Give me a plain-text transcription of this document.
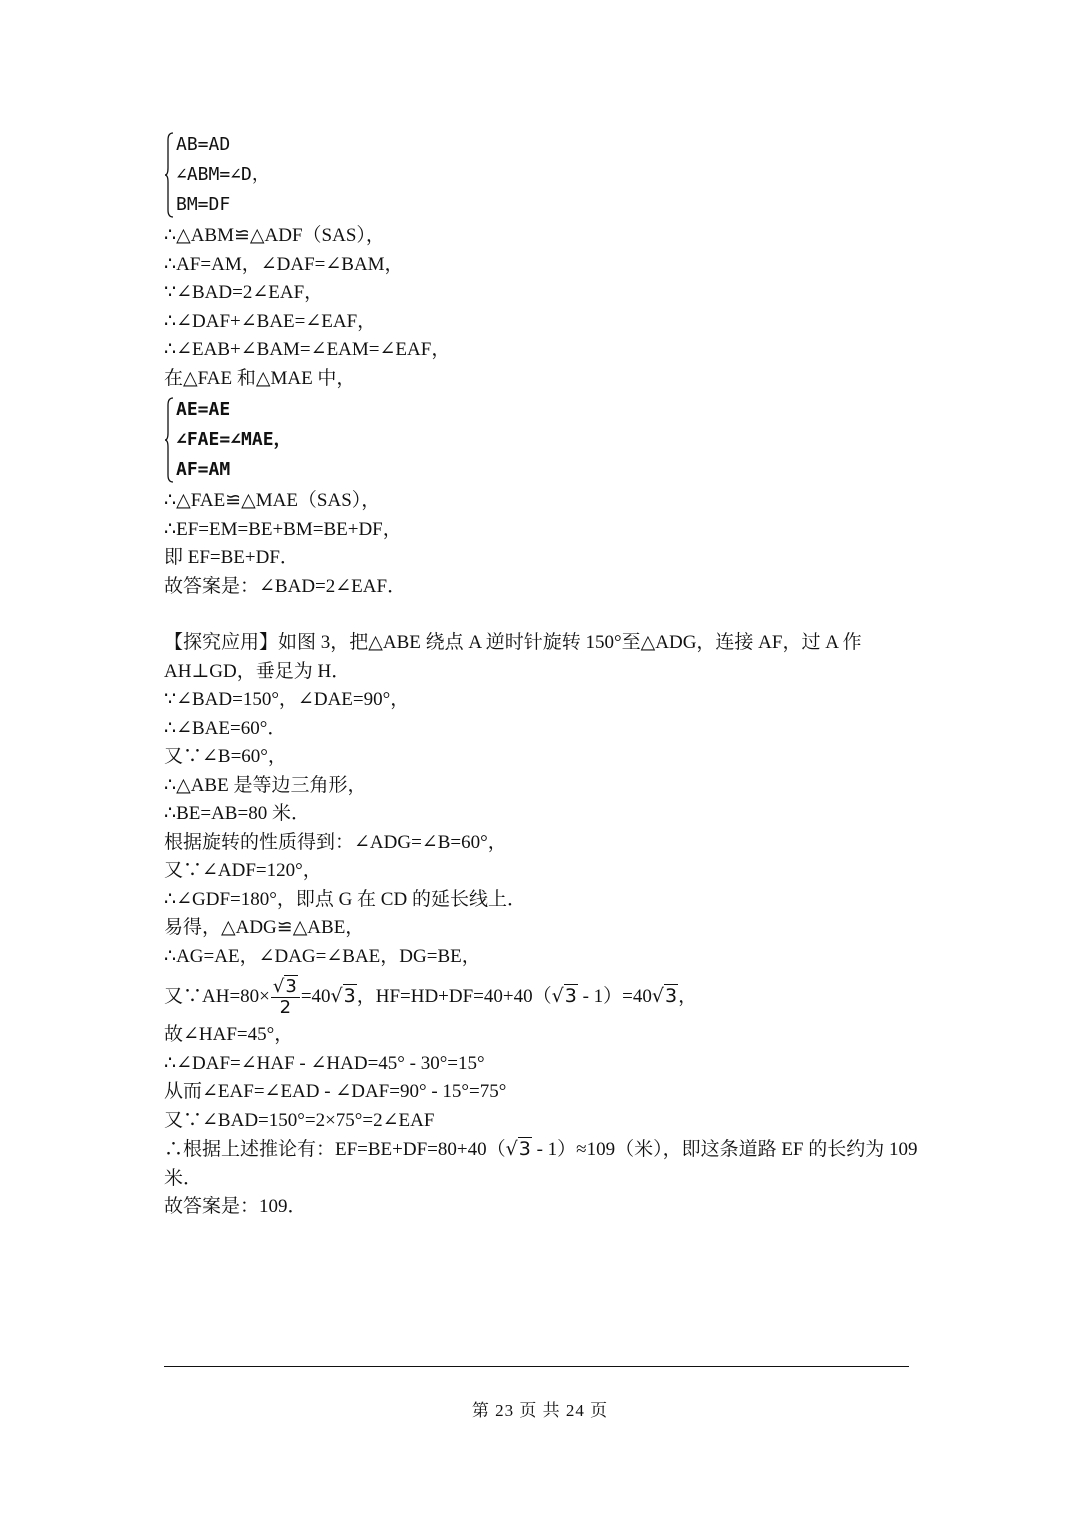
AB=AD
∠ABM=∠D，
BM=DF
∴△ABM≌△ADF（SAS），
∴AF=AM，∠DAF=∠BAM，
∵∠BAD=2∠EAF，
∴∠DAF+∠BAE=∠EAF，
∴∠EAB+∠BAM=∠EAM=∠EAF，
在△FAE 和△MAE 中，
AE=AE
∠FAE=∠MAE，
AF=AM
∴△FAE≌△MAE（SAS），
∴EF=EM=BE+BM=BE+DF，
即 EF=BE+DF．
故答案是：∠BAD=2∠EAF．
【探究应用】如图 3，把△ABE 绕点 A 逆时针旋转 150°至△ADG，连接 AF，过 A 作 AH⊥GD，垂足为 H．
∵∠BAD=150°，∠DAE=90°，
∴∠BAE=60°．
又∵∠B=60°，
∴△ABE 是等边三角形，
∴BE=AB=80 米．
根据旋转的性质得到：∠ADG=∠B=60°，
又∵∠ADF=120°，
∴∠GDF=180°，即点 G 在 CD 的延长线上．
易得，△ADG≌△ABE，
∴AG=AE，∠DAG=∠BAE，DG=BE，
又∵AH=80× $\frac{√3}{2} =40√3$，HF=HD+DF=40+40（√3 - 1）=40√3，
故∠HAF=45°，
∴∠DAF=∠HAF - ∠HAD=45° - 30°=15°
从而∠EAF=∠EAD - ∠DAF=90° - 15°=75°
又∵∠BAD=150°=2×75°=2∠EAF
∴根据上述推论有：EF=BE+DF=80+40（√3 - 1）≈109（米），即这条道路 EF 的长约为 109 米．
故答案是：109．
第 23 页 共 24 页
